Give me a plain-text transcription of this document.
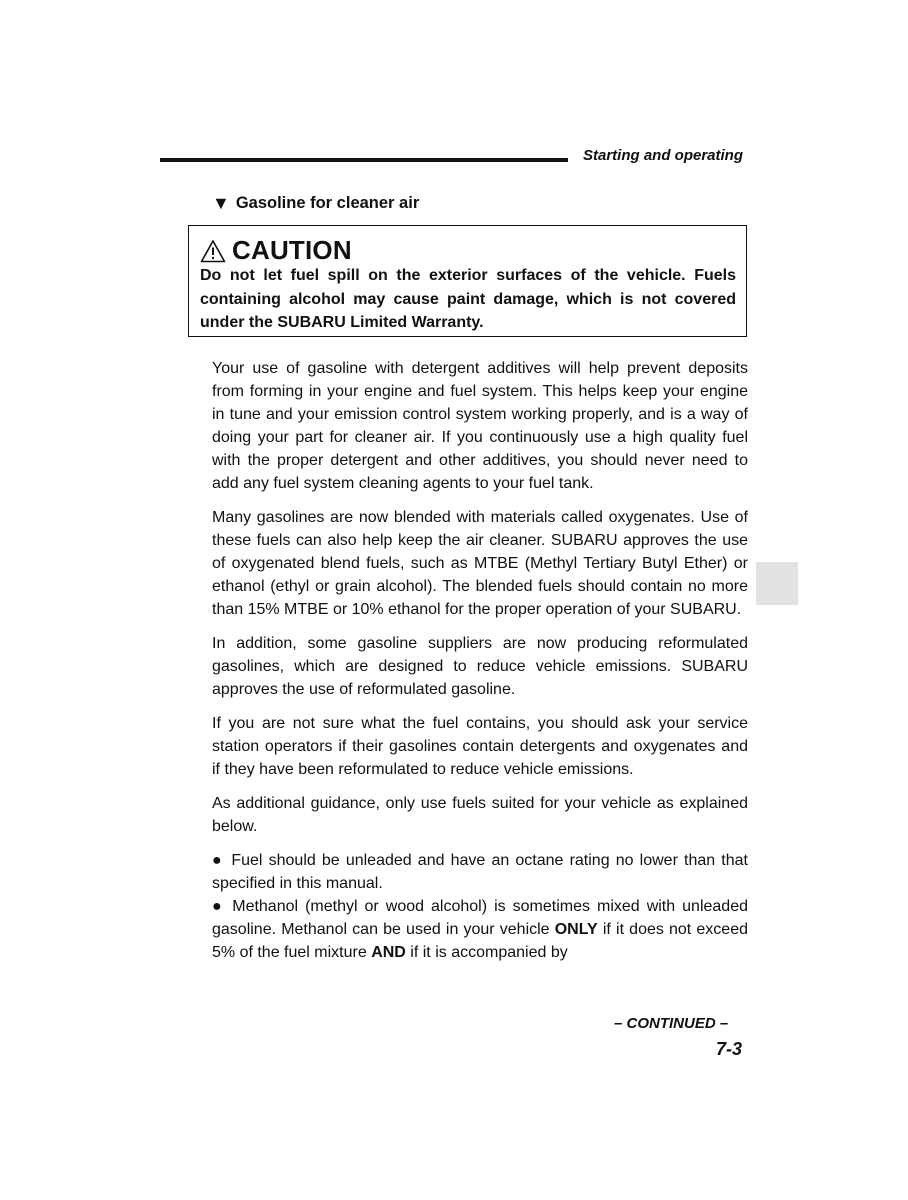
Starting and operating
▼ Gasoline for cleaner air
CAUTION
Do not let fuel spill on the exterior surfaces of the vehicle. Fuels containing alcohol may cause paint damage, which is not covered under the SUBARU Limited Warranty.

Your use of gasoline with detergent additives will help prevent deposits from forming in your engine and fuel system. This helps keep your engine in tune and your emission control system working properly, and is a way of doing your part for cleaner air. If you continuously use a high quality fuel with the proper detergent and other additives, you should never need to add any fuel system cleaning agents to your fuel tank.

Many gasolines are now blended with materials called oxygenates. Use of these fuels can also help keep the air cleaner. SUBARU approves the use of oxygenated blend fuels, such as MTBE (Methyl Tertiary Butyl Ether) or ethanol (ethyl or grain alcohol). The blended fuels should contain no more than 15% MTBE or 10% ethanol for the proper operation of your SUBARU.

In addition, some gasoline suppliers are now producing reformulated gasolines, which are designed to reduce vehicle emissions. SUBARU approves the use of reformulated gasoline.

If you are not sure what the fuel contains, you should ask your service station operators if their gasolines contain detergents and oxygenates and if they have been reformulated to reduce vehicle emissions.

As additional guidance, only use fuels suited for your vehicle as explained below.

● Fuel should be unleaded and have an octane rating no lower than that specified in this manual.

● Methanol (methyl or wood alcohol) is sometimes mixed with unleaded gasoline. Methanol can be used in your vehicle ONLY if it does not exceed 5% of the fuel mixture AND if it is accompanied by

– CONTINUED –
7-3
